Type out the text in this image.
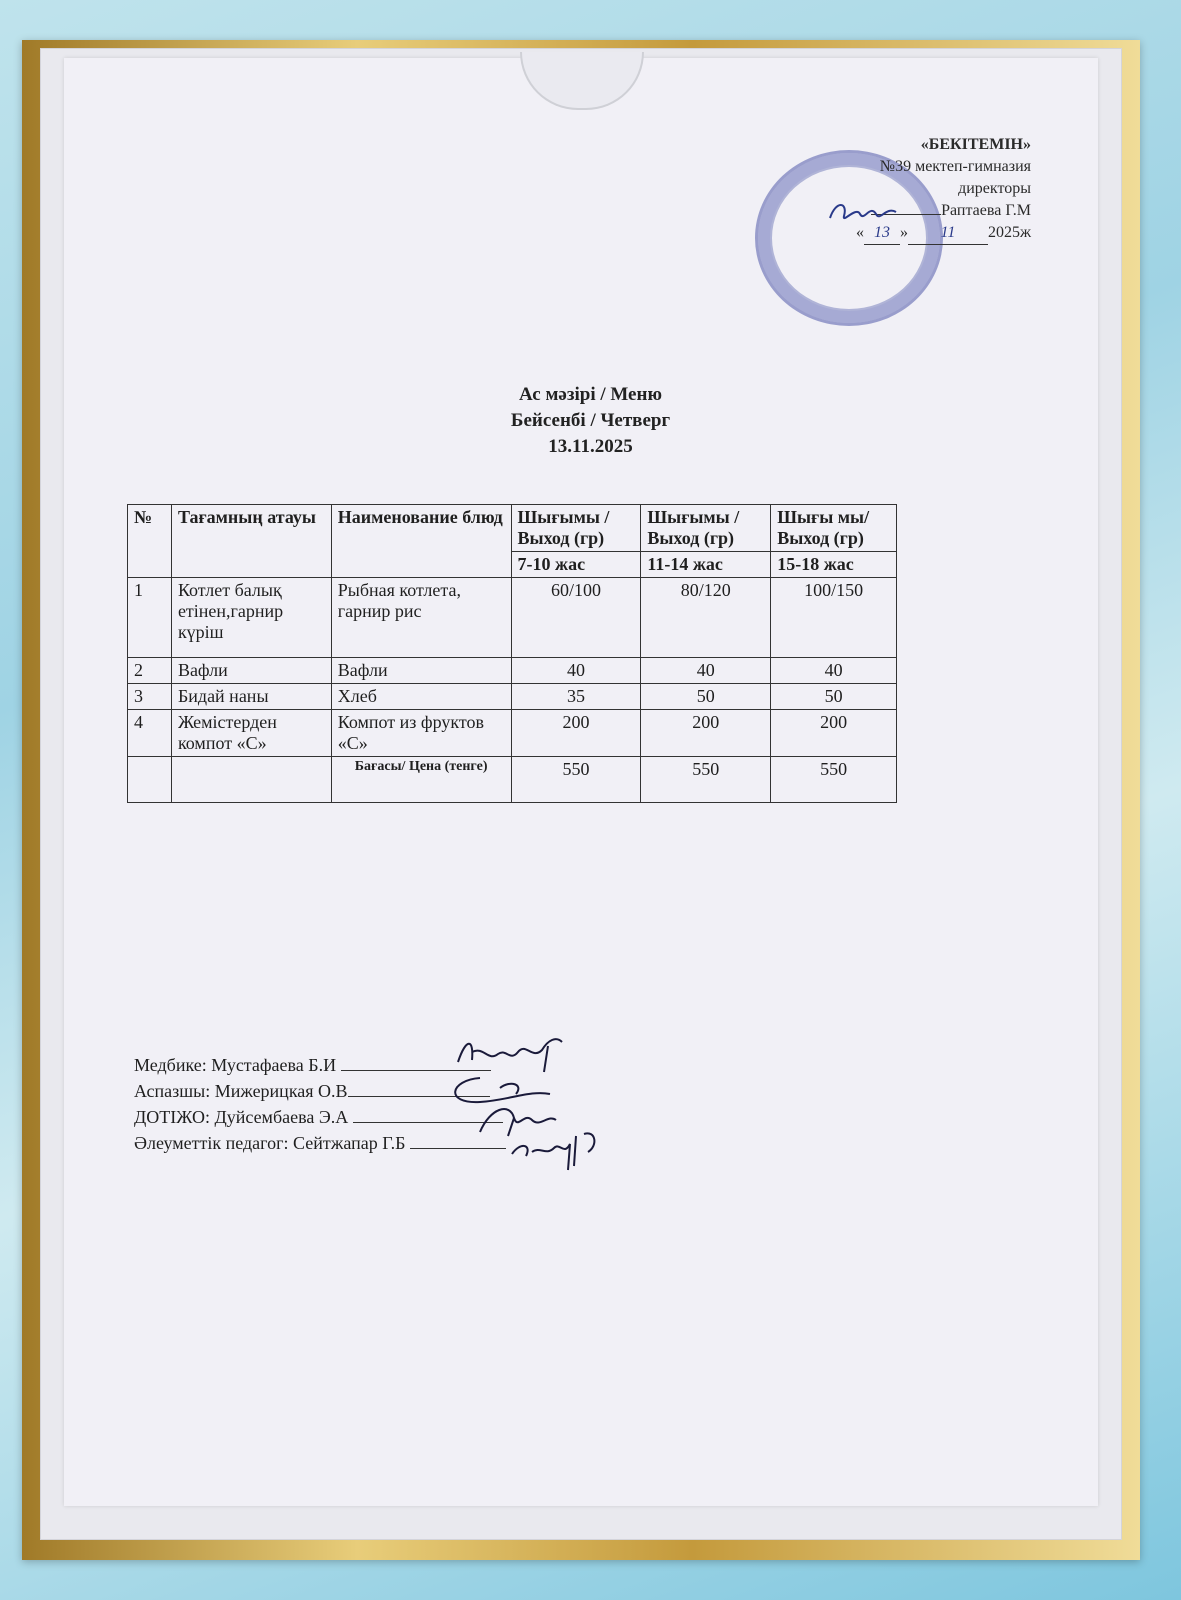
«БЕКІТЕМІН»
№39 мектеп-гимназия
директоры
Раптаева Г.М
« 13 » 11 2025ж
Ас мәзірі / Меню
Бейсенбі / Четверг
13.11.2025
№	Тағамның атауы	Наименование блюд	Шығымы /Выход (гр)	Шығымы /Выход (гр)	Шығы мы/Выход (гр)
			7-10 жас	11-14 жас	15-18 жас
1	Котлет балық етінен,гарнир күріш	Рыбная котлета, гарнир рис	60/100	80/120	100/150
2	Вафли	Вафли	40	40	40
3	Бидай наны	Хлеб	35	50	50
4	Жемістерден компот «С»	Компот из фруктов «С»	200	200	200
		Бағасы/ Цена (тенге)	550	550	550
Медбике: Мустафаева Б.И
Аспазшы: Мижерицкая О.В
ДОТІЖО: Дуйсембаева Э.А
Әлеуметтік педагог: Сейтжапар Г.Б
